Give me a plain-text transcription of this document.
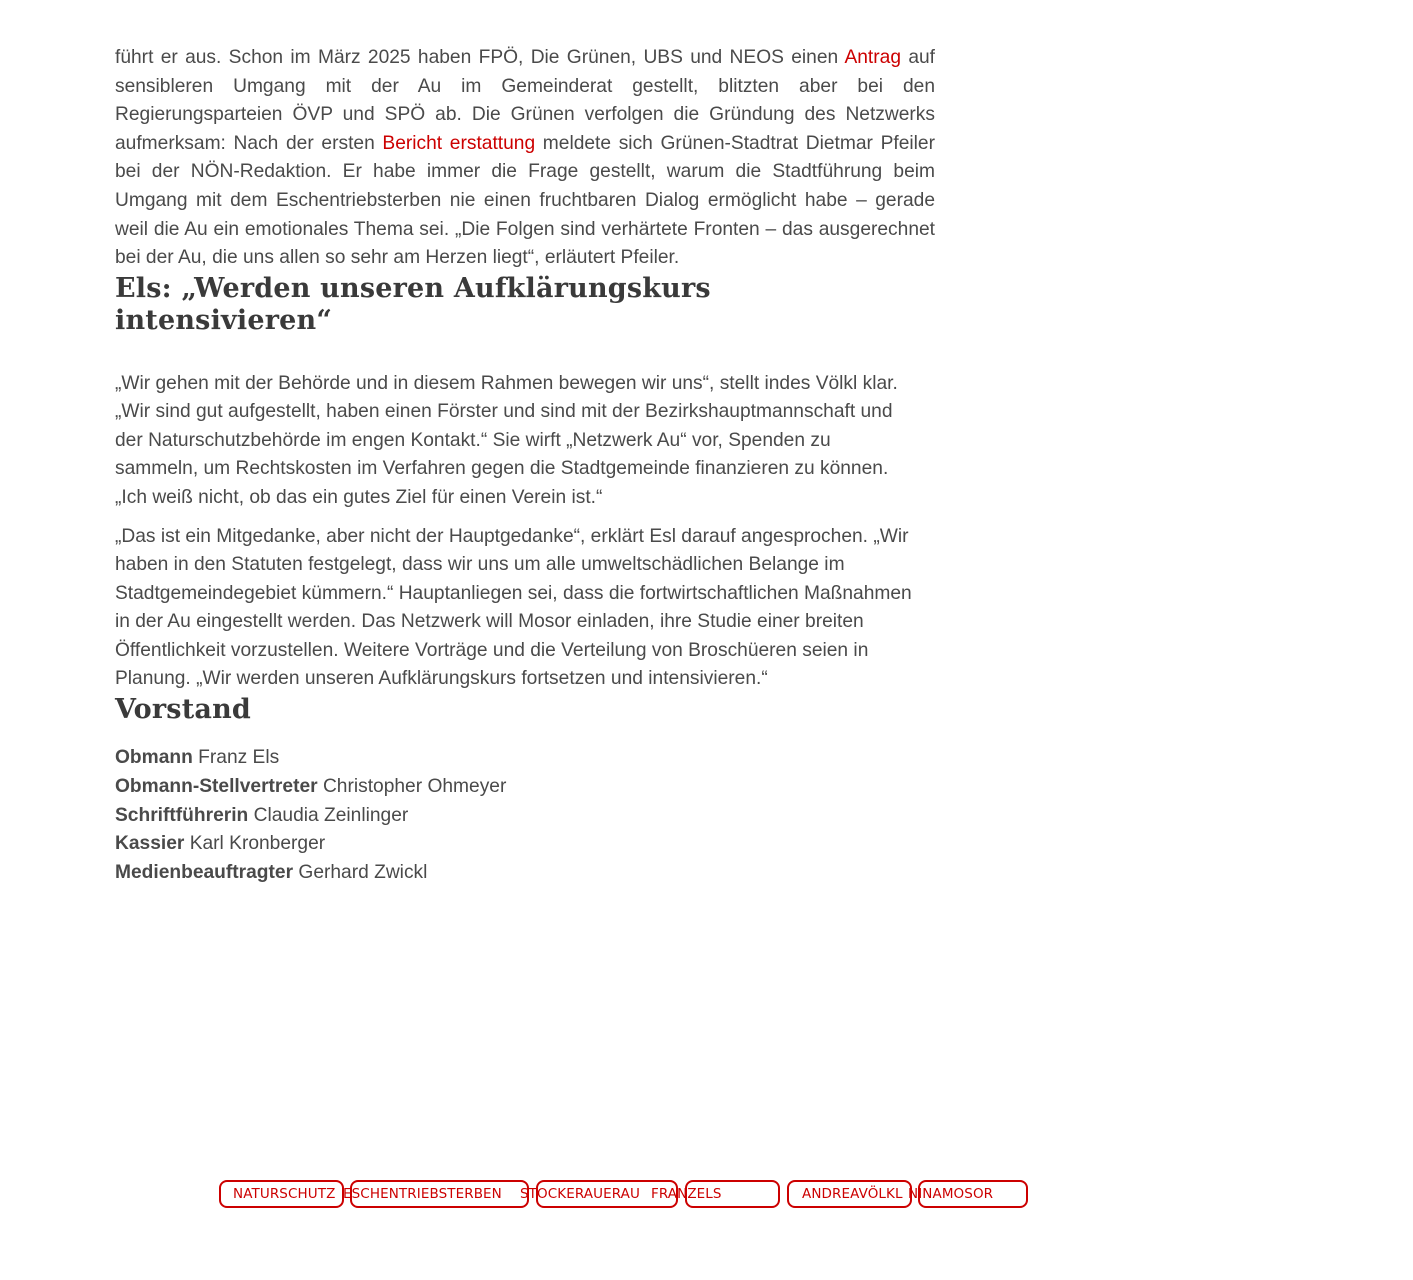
führt er aus. Schon im März 2025 haben FPÖ, Die Grünen, UBS und NEOS einen Antrag auf sensibleren Umgang mit der Au im Gemeinderat gestellt, blitzten aber bei den Regierungsparteien ÖVP und SPÖ ab. Die Grünen verfolgen die Gründung des Netzwerks aufmerksam: Nach der ersten Bericht erstattung meldete sich Grünen-Stadtrat Dietmar Pfeiler bei der NÖN-Redaktion. Er habe immer die Frage gestellt, warum die Stadtführung beim Umgang mit dem Eschentriebsterben nie einen fruchtbaren Dialog ermöglicht habe – gerade weil die Au ein emotionales Thema sei. „Die Folgen sind verhärtete Fronten – das ausgerechnet bei der Au, die uns allen so sehr am Herzen liegt“, erläutert Pfeiler.

Els: „Werden unseren Aufklärungskurs intensivieren“

„Wir gehen mit der Behörde und in diesem Rahmen bewegen wir uns“, stellt indes Völkl klar. „Wir sind gut aufgestellt, haben einen Förster und sind mit der Bezirkshauptmannschaft und der Naturschutzbehörde im engen Kontakt.“ Sie wirft „Netzwerk Au“ vor, Spenden zu sammeln, um Rechtskosten im Verfahren gegen die Stadtgemeinde finanzieren zu können. „Ich weiß nicht, ob das ein gutes Ziel für einen Verein ist.“

„Das ist ein Mitgedanke, aber nicht der Hauptgedanke“, erklärt Esl darauf angesprochen. „Wir haben in den Statuten festgelegt, dass wir uns um alle umweltschädlichen Belange im Stadtgemeindegebiet kümmern.“ Hauptanliegen sei, dass die fortwirtschaftlichen Maßnahmen in der Au eingestellt werden. Das Netzwerk will Mosor einladen, ihre Studie einer breiten Öffentlichkeit vorzustellen. Weitere Vorträge und die Verteilung von Broschüeren seien in Planung. „Wir werden unseren Aufklärungskurs fortsetzen und intensivieren.“

Vorstand
Obmann Franz Els
Obmann-Stellvertreter Christopher Ohmeyer
Schriftführerin Claudia Zeinlinger
Kassier Karl Kronberger
Medienbeauftragter Gerhard Zwickl
NATURSCHUTZ ESCHENTRIEBSTERBEN STOCKERAUERAU FRANZELS	ANDREAVÖLKL NINAMOSOR
